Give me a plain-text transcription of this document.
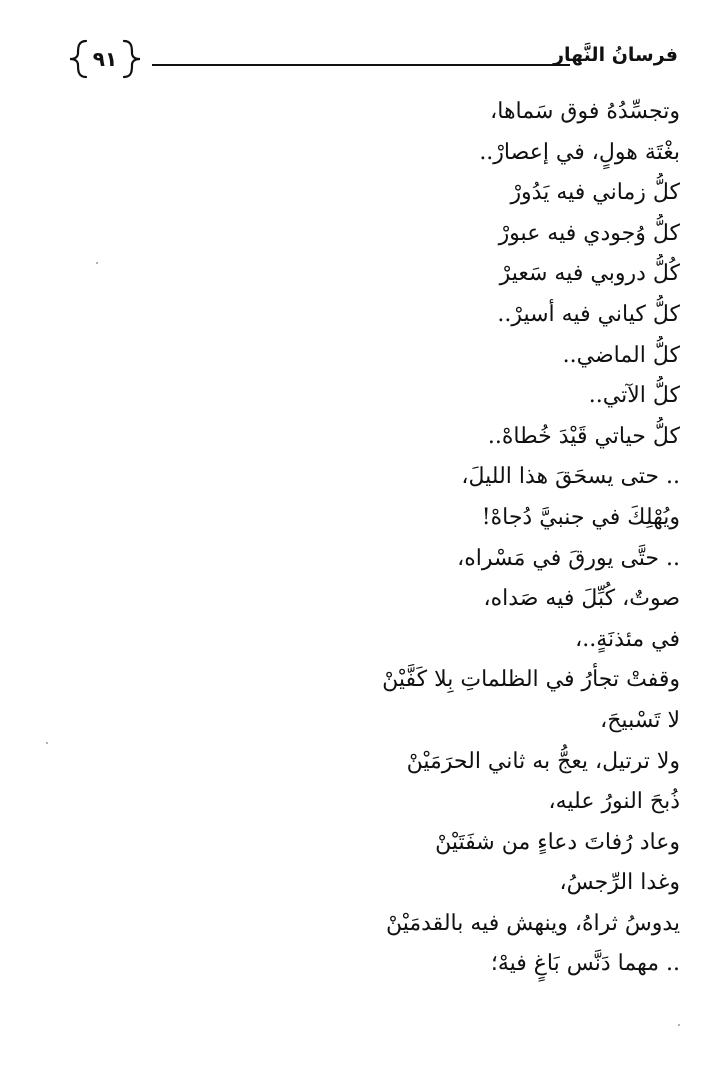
٩١	فرسانُ النَّهار
وتجسِّدُهُ فوق سَماها،
بغْتَة هولٍ، في إعصارْ..
كلُّ زماني فيه يَدُورْ
كلُّ وُجودي فيه عبورْ
كُلُّ دروبي فيه سَعيرْ
كلُّ كياني فيه أسيرْ..
كلُّ الماضي..
كلُّ الآتي..
كلُّ حياتي قَيْدَ خُطاهْ..
.. حتى يسحَقَ هذا الليلَ،
ويُهْلِكَ في جنبيَّ دُجاهْ!
.. حتَّى يورقَ في مَسْراه،
صوتٌ، كُبِّلَ فيه صَداه،
في مئذنَةٍ..،
وقفتْ تجأرُ في الظلماتِ بِلا كَفَّيْنْ
لا تَسْبيحَ،
ولا ترتيل، يعجُّ به ثاني الحرَمَيْنْ
ذُبحَ النورُ عليه،
وعاد رُفاتَ دعاءٍ من شفَتَيْنْ
وغدا الرِّجسُ،
يدوسُ ثراهُ، وينهش فيه بالقدمَيْنْ
.. مهما دَنَّس بَاغٍ فيهْ؛
